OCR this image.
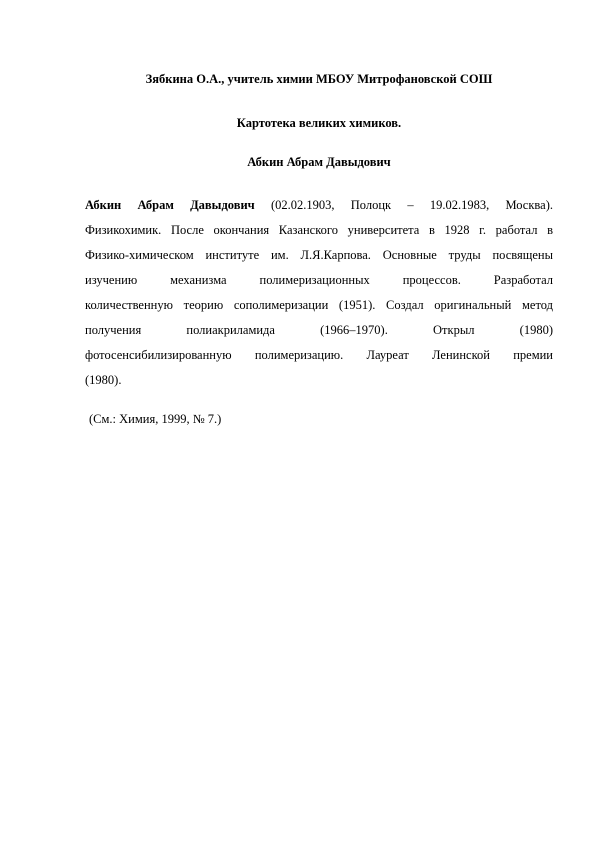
Зябкина О.А., учитель химии МБОУ Митрофановской СОШ
Картотека великих химиков.
Абкин Абрам Давыдович
Абкин Абрам Давыдович (02.02.1903, Полоцк – 19.02.1983, Москва).
Физикохимик. После окончания Казанского университета в 1928 г. работал в
Физико-химическом институте им. Л.Я.Карпова. Основные труды посвящены
изучению механизма полимеризационных процессов. Разработал
количественную теорию сополимеризации (1951). Создал оригинальный метод
получения полиакриламида (1966–1970). Открыл (1980)
фотосенсибилизированную полимеризацию. Лауреат Ленинской премии
(1980).
(См.: Химия, 1999, № 7.)
